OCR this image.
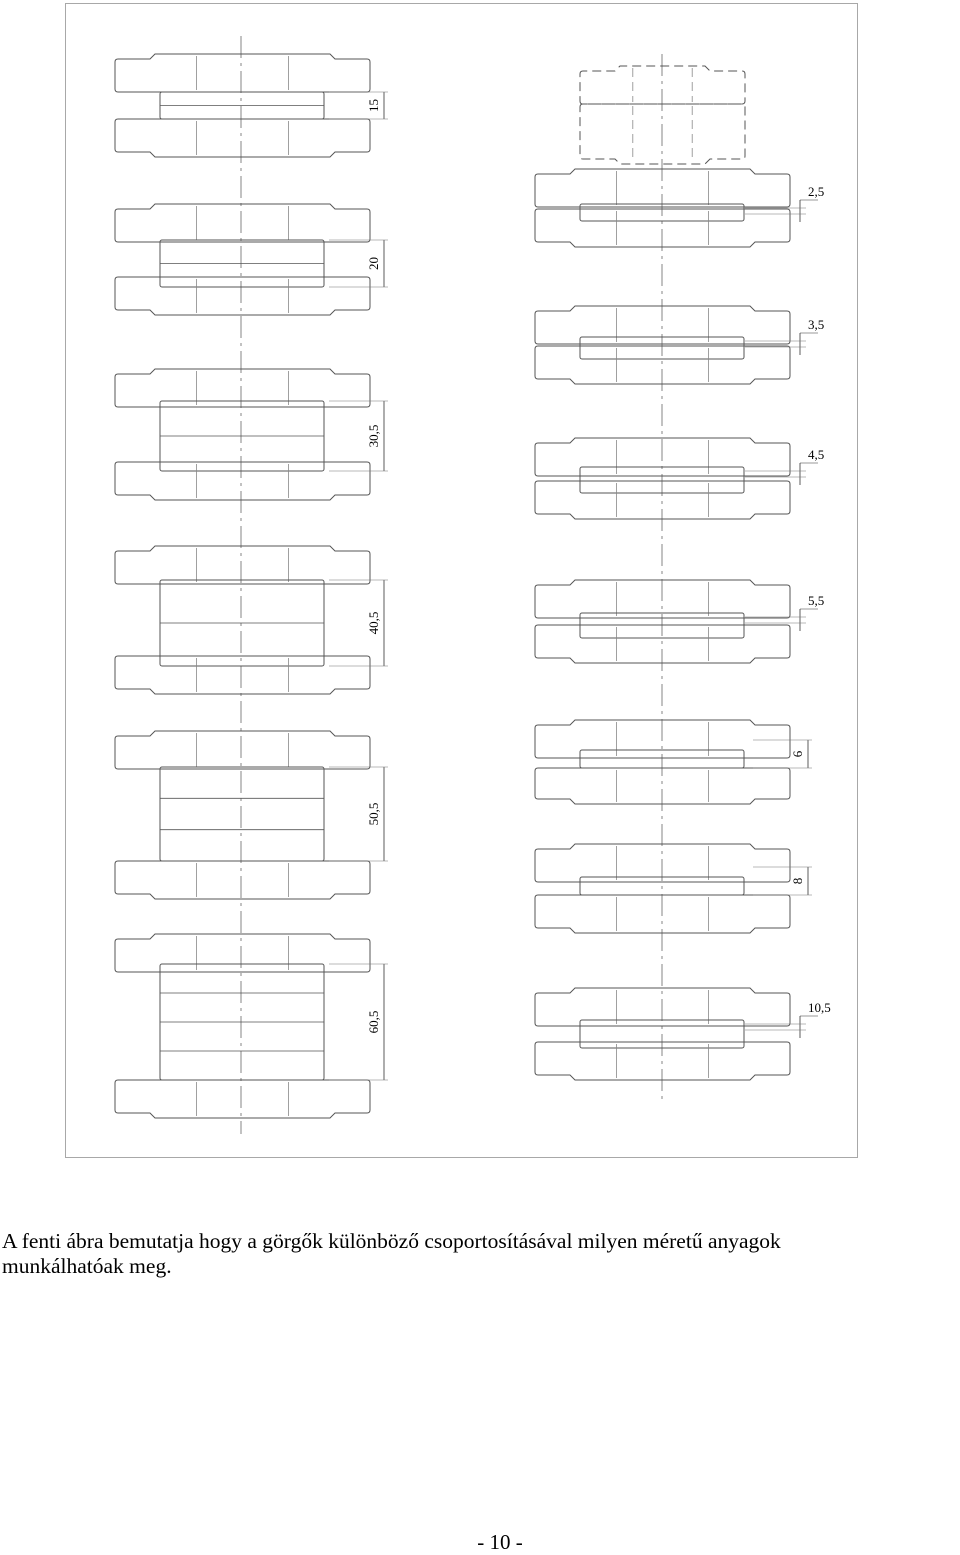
15
20
30,5
40,5
50,5
60,5
2,5
3,5
4,5
5,5
6
8
10,5
A fenti ábra bemutatja hogy a görgők különböző csoportosításával milyen méretű anyagok
munkálhatóak meg.
- 10 -
